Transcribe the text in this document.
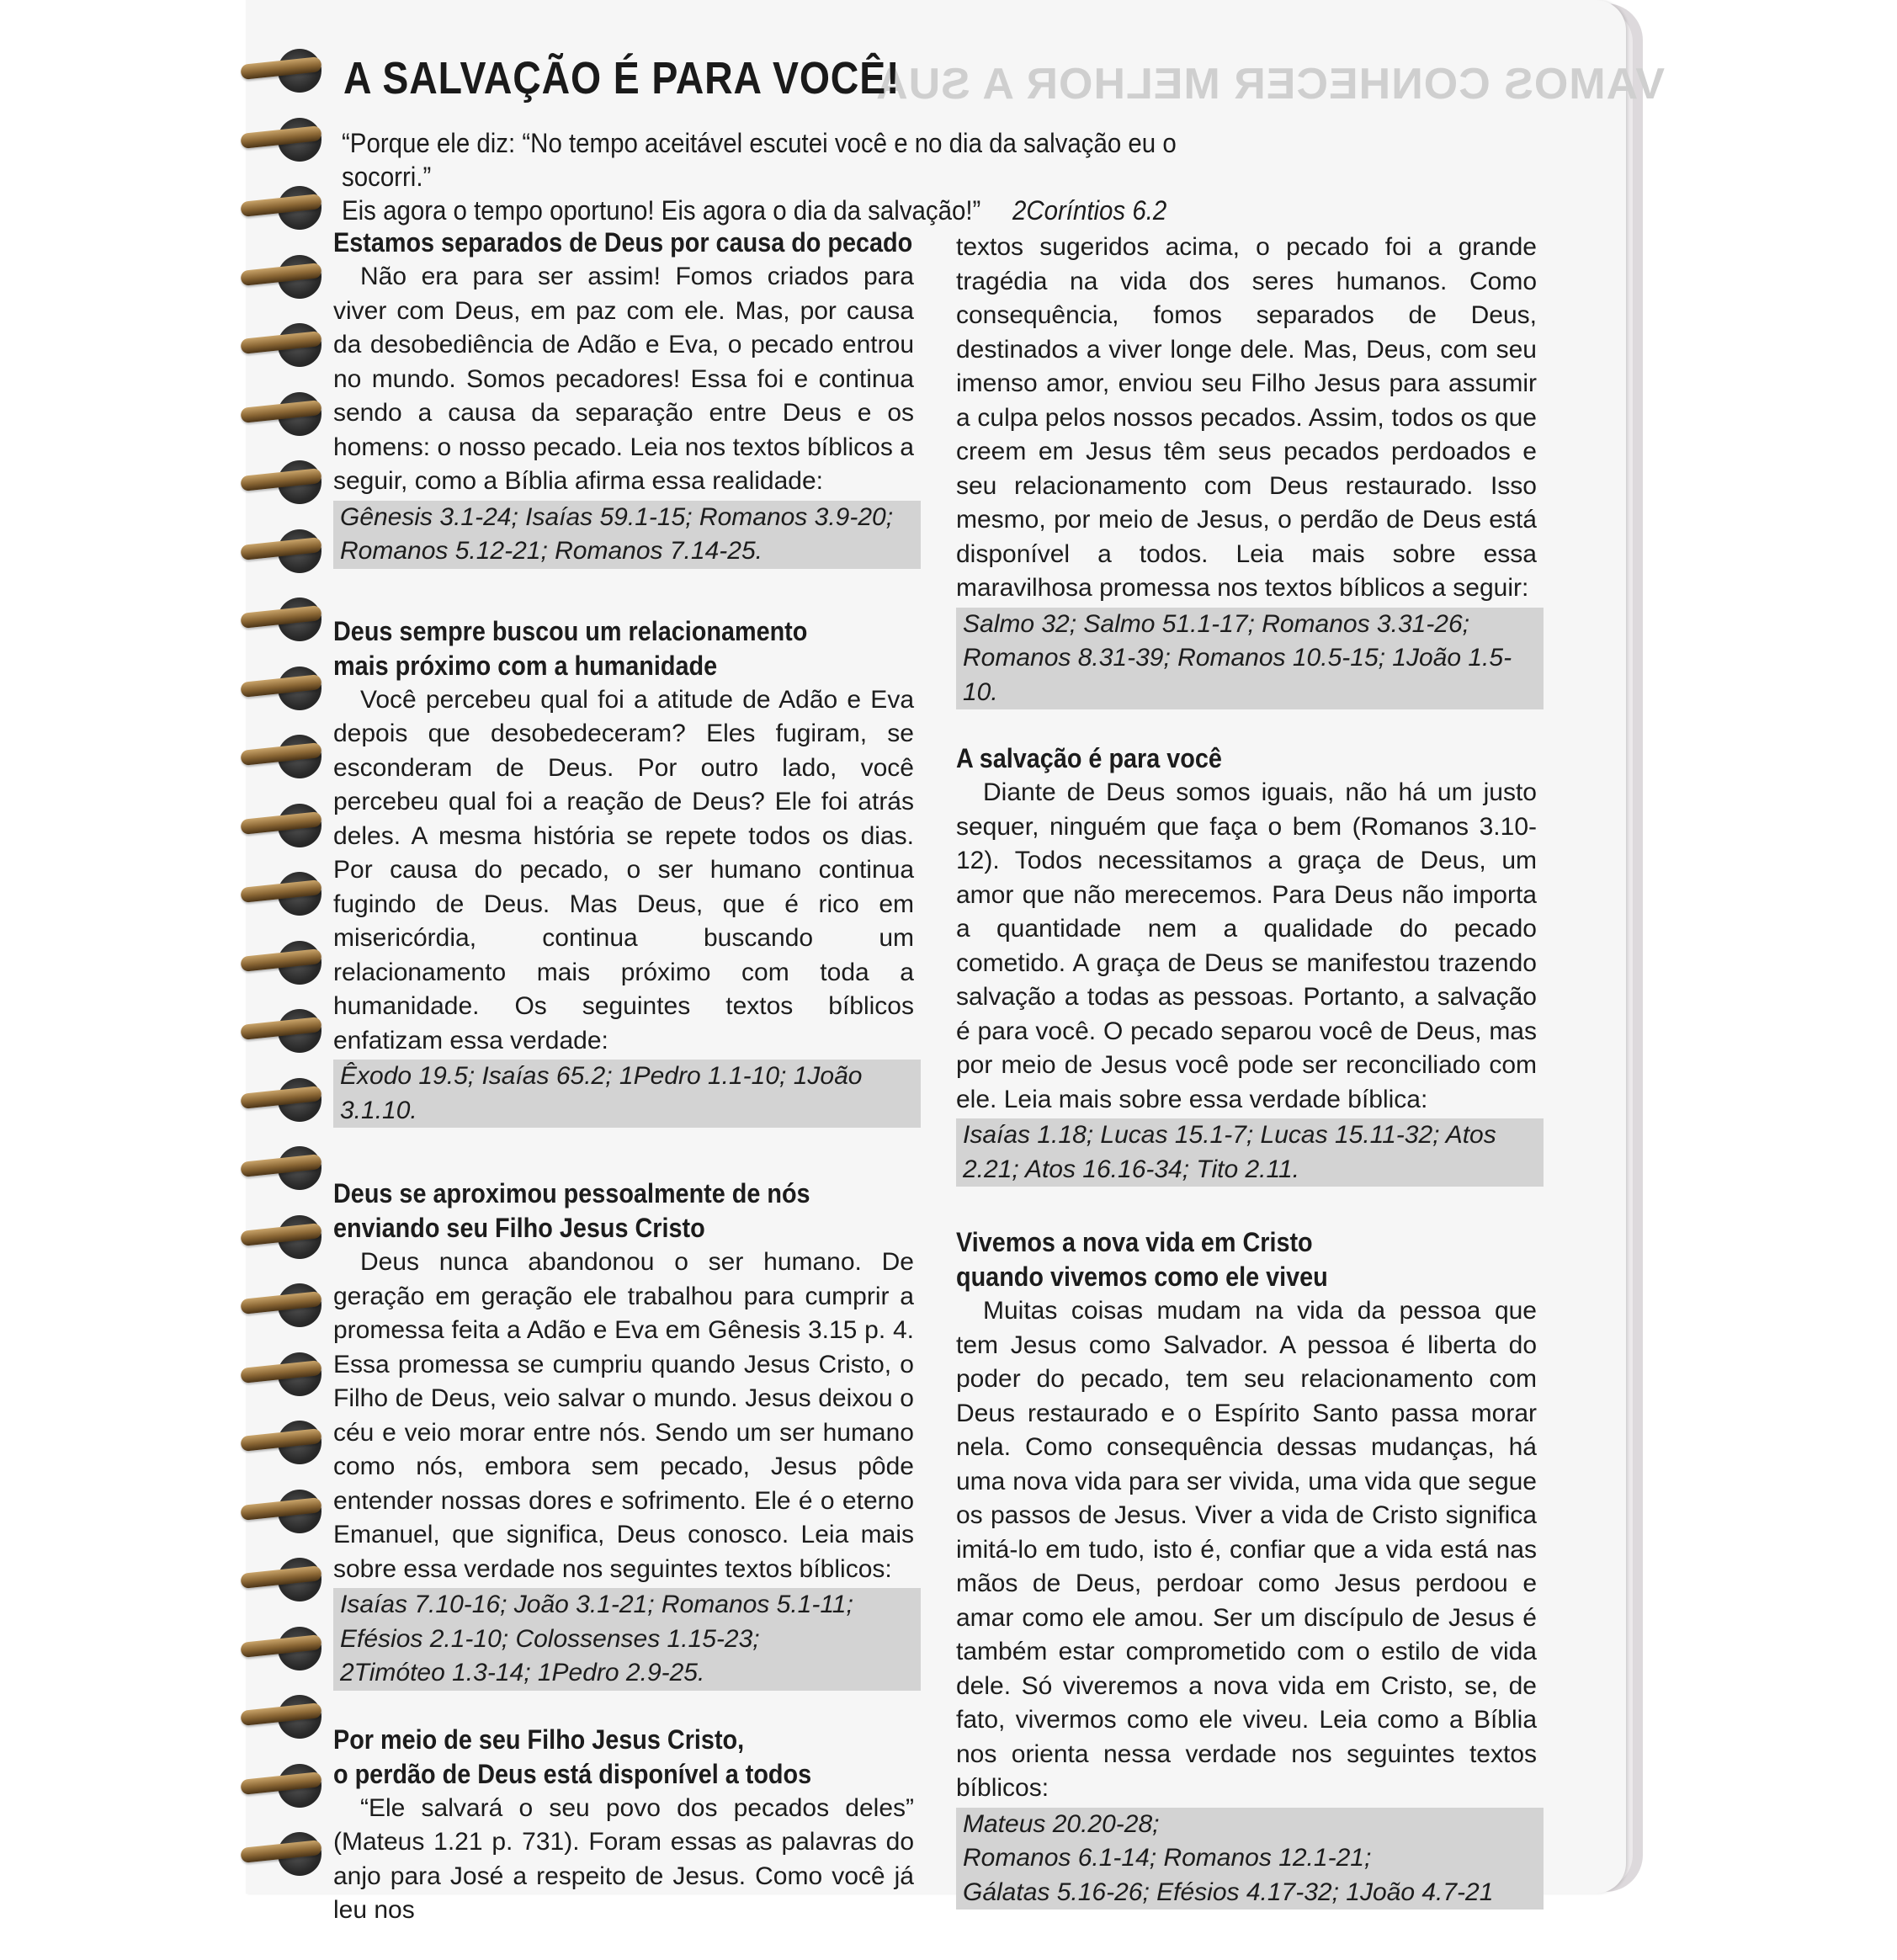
VAMOS CONHECER MELHOR A SUA
A SALVAÇÃO É PARA VOCÊ!
“Porque ele diz: “No tempo aceitável escutei você e no dia da salvação eu o socorri.”
Eis agora o tempo oportuno! Eis agora o dia da salvação!” 2Coríntios 6.2
Estamos separados de Deus por causa do pecado

Não era para ser assim! Fomos criados para viver com Deus, em paz com ele. Mas, por causa da desobediência de Adão e Eva, o pecado entrou no mundo. Somos pecadores! Essa foi e continua sendo a causa da separação entre Deus e os homens: o nosso pecado. Leia nos textos bíblicos a seguir, como a Bíblia afirma essa realidade:

Gênesis 3.1-24; Isaías 59.1-15; Romanos 3.9-20; Romanos 5.12-21; Romanos 7.14-25.
Deus sempre buscou um relacionamento
mais próximo com a humanidade

Você percebeu qual foi a atitude de Adão e Eva depois que desobedeceram? Eles fugiram, se esconderam de Deus. Por outro lado, você percebeu qual foi a reação de Deus? Ele foi atrás deles. A mesma história se repete todos os dias. Por causa do pecado, o ser humano continua fugindo de Deus. Mas Deus, que é rico em misericórdia, continua buscando um relacionamento mais próximo com toda a humanidade. Os seguintes textos bíblicos enfatizam essa verdade:

Êxodo 19.5; Isaías 65.2; 1Pedro 1.1-10; 1João 3.1.10.
Deus se aproximou pessoalmente de nós
enviando seu Filho Jesus Cristo

Deus nunca abandonou o ser humano. De geração em geração ele trabalhou para cumprir a promessa feita a Adão e Eva em Gênesis 3.15 p. 4. Essa promessa se cumpriu quando Jesus Cristo, o Filho de Deus, veio salvar o mundo. Jesus deixou o céu e veio morar entre nós. Sendo um ser humano como nós, embora sem pecado, Jesus pôde entender nossas dores e sofrimento. Ele é o eterno Emanuel, que significa, Deus conosco. Leia mais sobre essa verdade nos seguintes textos bíblicos:

Isaías 7.10-16; João 3.1-21; Romanos 5.1-11;
Efésios 2.1-10; Colossenses 1.15-23;
2Timóteo 1.3-14; 1Pedro 2.9-25.
Por meio de seu Filho Jesus Cristo,
o perdão de Deus está disponível a todos

“Ele salvará o seu povo dos pecados deles” (Mateus 1.21 p. 731). Foram essas as palavras do anjo para José a respeito de Jesus. Como você já leu nos

textos sugeridos acima, o pecado foi a grande tragédia na vida dos seres humanos. Como consequência, fomos separados de Deus, destinados a viver longe dele. Mas, Deus, com seu imenso amor, enviou seu Filho Jesus para assumir a culpa pelos nossos pecados. Assim, todos os que creem em Jesus têm seus pecados perdoados e seu relacionamento com Deus restaurado. Isso mesmo, por meio de Jesus, o perdão de Deus está disponível a todos. Leia mais sobre essa maravilhosa promessa nos textos bíblicos a seguir:

Salmo 32; Salmo 51.1-17; Romanos 3.31-26; Romanos 8.31-39; Romanos 10.5-15; 1João 1.5-10.
A salvação é para você

Diante de Deus somos iguais, não há um justo sequer, ninguém que faça o bem (Romanos 3.10-12). Todos necessitamos a graça de Deus, um amor que não merecemos. Para Deus não importa a quantidade nem a qualidade do pecado cometido. A graça de Deus se manifestou trazendo salvação a todas as pessoas. Portanto, a salvação é para você. O pecado separou você de Deus, mas por meio de Jesus você pode ser reconciliado com ele. Leia mais sobre essa verdade bíblica:

Isaías 1.18; Lucas 15.1-7; Lucas 15.11-32; Atos 2.21; Atos 16.16-34; Tito 2.11.
Vivemos a nova vida em Cristo
quando vivemos como ele viveu

Muitas coisas mudam na vida da pessoa que tem Jesus como Salvador. A pessoa é liberta do poder do pecado, tem seu relacionamento com Deus restaurado e o Espírito Santo passa morar nela. Como consequência dessas mudanças, há uma nova vida para ser vivida, uma vida que segue os passos de Jesus. Viver a vida de Cristo significa imitá-lo em tudo, isto é, confiar que a vida está nas mãos de Deus, perdoar como Jesus perdoou e amar como ele amou. Ser um discípulo de Jesus é também estar comprometido com o estilo de vida dele. Só viveremos a nova vida em Cristo, se, de fato, vivermos como ele viveu. Leia como a Bíblia nos orienta nessa verdade nos seguintes textos bíblicos:

Mateus 20.20-28;
Romanos 6.1-14; Romanos 12.1-21;
Gálatas 5.16-26; Efésios 4.17-32; 1João 4.7-21
